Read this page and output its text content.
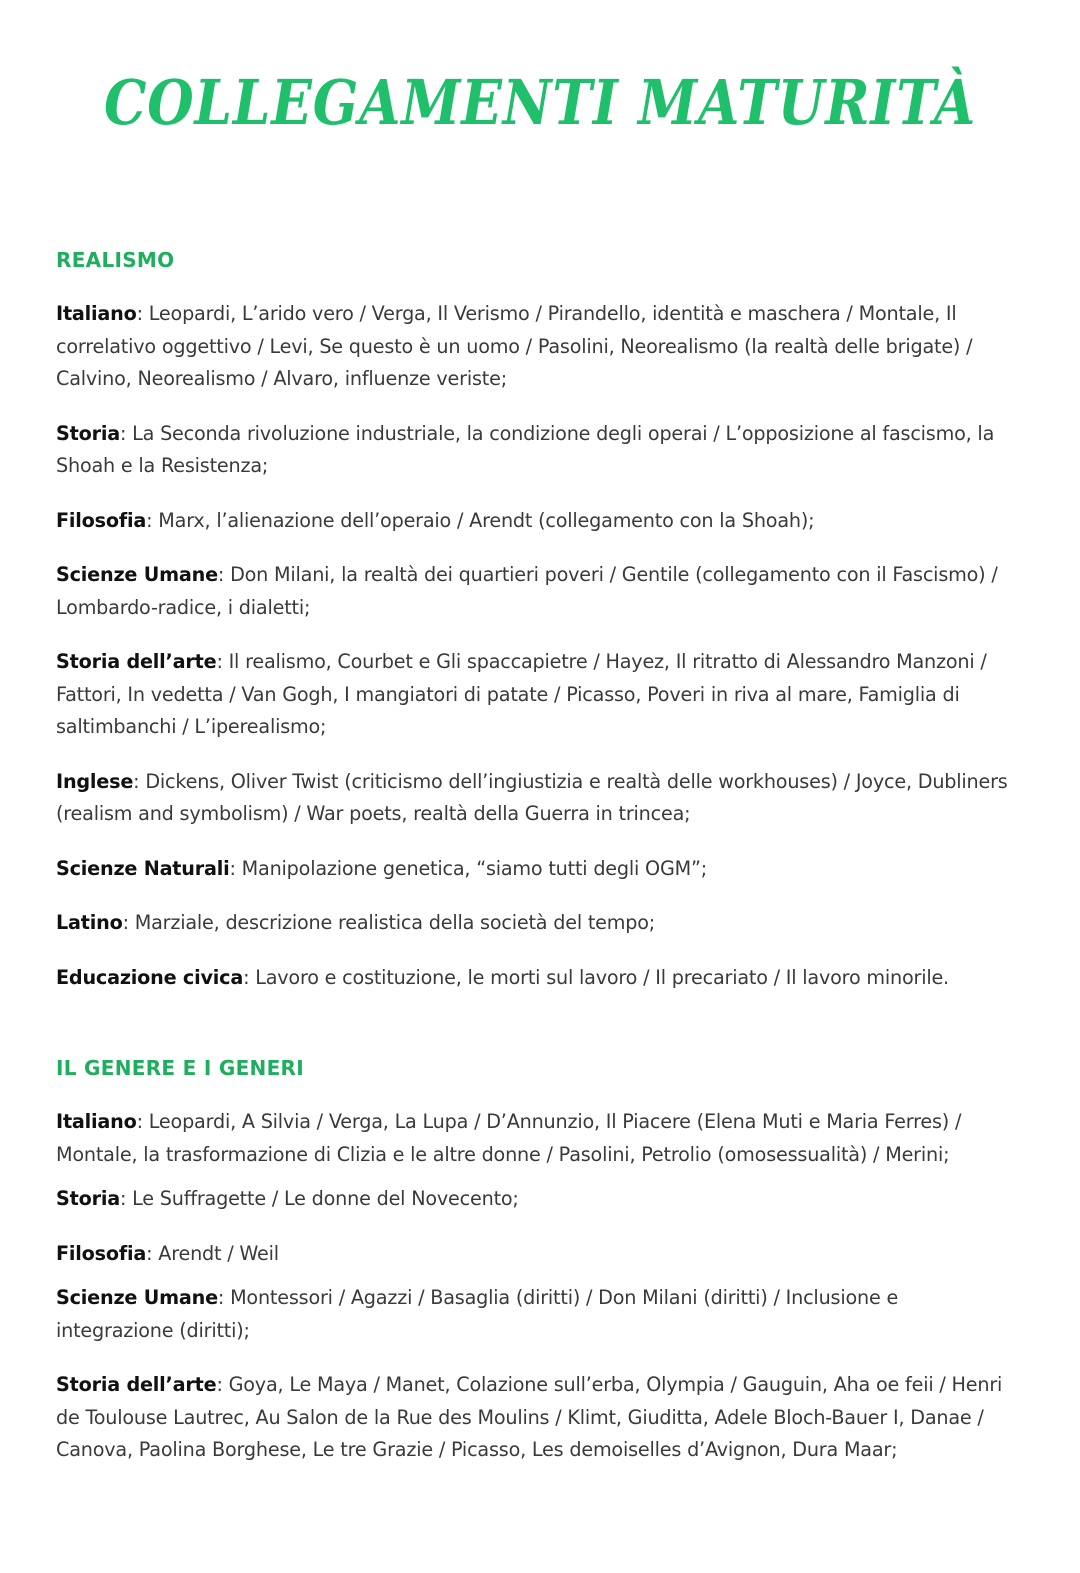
COLLEGAMENTI MATURITÀ
REALISMO

Italiano: Leopardi, L’arido vero / Verga, Il Verismo / Pirandello, identità e maschera / Montale, Il correlativo oggettivo / Levi, Se questo è un uomo / Pasolini, Neorealismo (la realtà delle brigate) / Calvino, Neorealismo / Alvaro, influenze veriste;

Storia: La Seconda rivoluzione industriale, la condizione degli operai / L’opposizione al fascismo, la Shoah e la Resistenza;

Filosofia: Marx, l’alienazione dell’operaio / Arendt (collegamento con la Shoah);

Scienze Umane: Don Milani, la realtà dei quartieri poveri / Gentile (collegamento con il Fascismo) / Lombardo-radice, i dialetti;

Storia dell’arte: Il realismo, Courbet e Gli spaccapietre / Hayez, Il ritratto di Alessandro Manzoni / Fattori, In vedetta / Van Gogh, I mangiatori di patate / Picasso, Poveri in riva al mare, Famiglia di saltimbanchi / L’iperealismo;

Inglese: Dickens, Oliver Twist (criticismo dell’ingiustizia e realtà delle workhouses) / Joyce, Dubliners (realism and symbolism) / War poets, realtà della Guerra in trincea;

Scienze Naturali: Manipolazione genetica, “siamo tutti degli OGM”;

Latino: Marziale, descrizione realistica della società del tempo;

Educazione civica: Lavoro e costituzione, le morti sul lavoro / Il precariato / Il lavoro minorile.

IL GENERE E I GENERI

Italiano: Leopardi, A Silvia / Verga, La Lupa / D’Annunzio, Il Piacere (Elena Muti e Maria Ferres) / Montale, la trasformazione di Clizia e le altre donne / Pasolini, Petrolio (omosessualità) / Merini;

Storia: Le Suffragette / Le donne del Novecento;

Filosofia: Arendt / Weil

Scienze Umane: Montessori / Agazzi / Basaglia (diritti) / Don Milani (diritti) / Inclusione e integrazione (diritti);

Storia dell’arte: Goya, Le Maya / Manet, Colazione sull’erba, Olympia / Gauguin, Aha oe feii / Henri de Toulouse Lautrec, Au Salon de la Rue des Moulins / Klimt, Giuditta, Adele Bloch-Bauer I, Danae / Canova, Paolina Borghese, Le tre Grazie / Picasso, Les demoiselles d’Avignon, Dura Maar;
